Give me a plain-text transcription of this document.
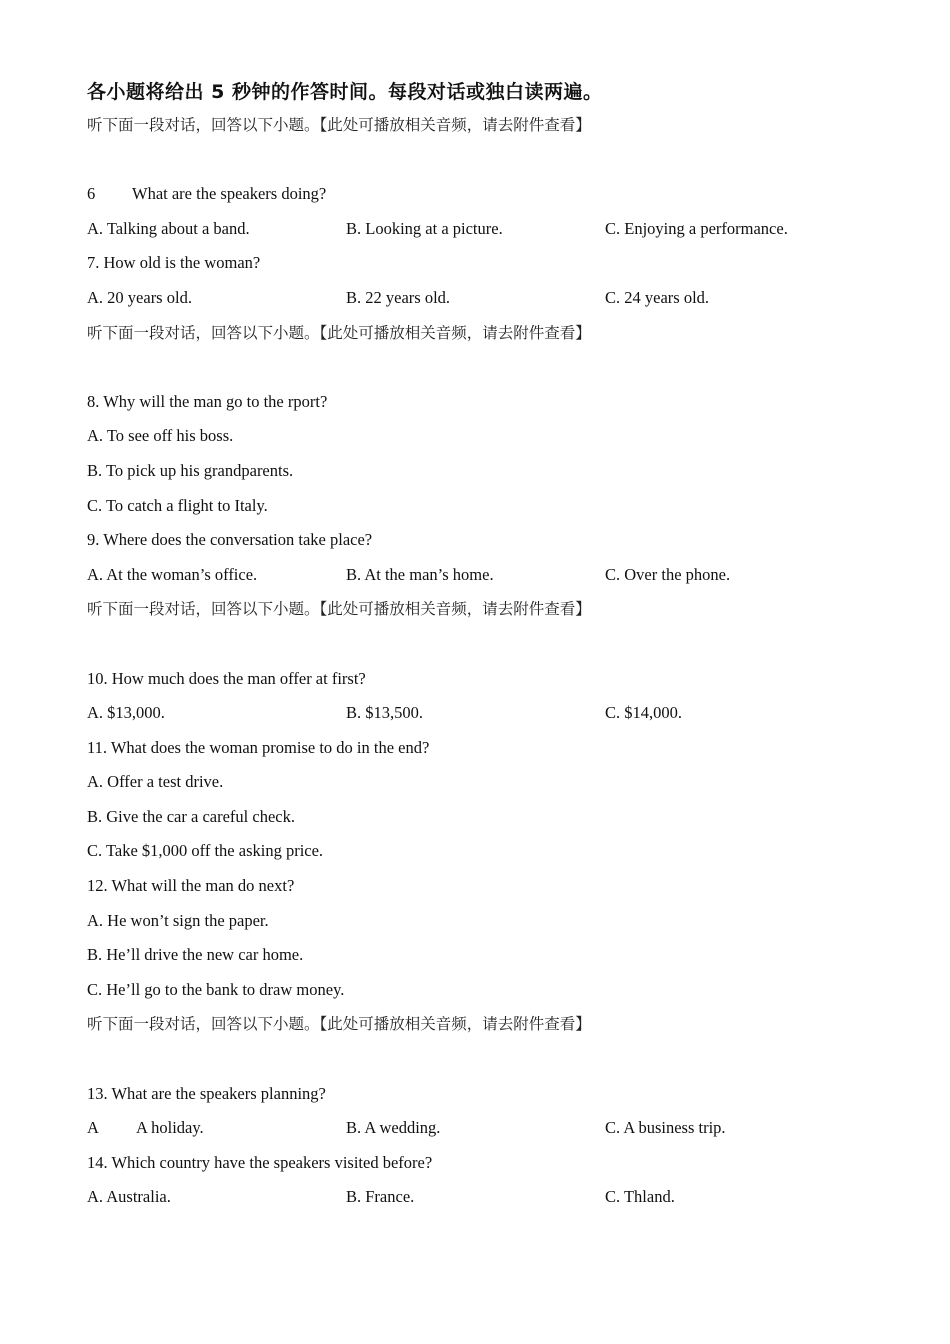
各小题将给出 5 秒钟的作答时间。每段对话或独白读两遍。
听下面一段对话，回答以下小题。【此处可播放相关音频，请去附件查看】
6 What are the speakers doing?
A. Talking about a band.	B. Looking at a picture.	C. Enjoying a performance.
7. How old is the woman?
A. 20 years old.	B. 22 years old.	C. 24 years old.
听下面一段对话，回答以下小题。【此处可播放相关音频，请去附件查看】
8. Why will the man go to the rport?
A. To see off his boss.
B. To pick up his grandparents.
C. To catch a flight to Italy.
9. Where does the conversation take place?
A. At the woman’s office.	B. At the man’s home.	C. Over the phone.
听下面一段对话，回答以下小题。【此处可播放相关音频，请去附件查看】
10. How much does the man offer at first?
A. $13,000.	B. $13,500.	C. $14,000.
11. What does the woman promise to do in the end?
A. Offer a test drive.
B. Give the car a careful check.
C. Take $1,000 off the asking price.
12. What will the man do next?
A. He won’t sign the paper.
B. He’ll drive the new car home.
C. He’ll go to the bank to draw money.
听下面一段对话，回答以下小题。【此处可播放相关音频，请去附件查看】
13. What are the speakers planning?
A A holiday.	B. A wedding.	C. A business trip.
14. Which country have the speakers visited before?
A. Australia.	B. France.	C. Thland.
